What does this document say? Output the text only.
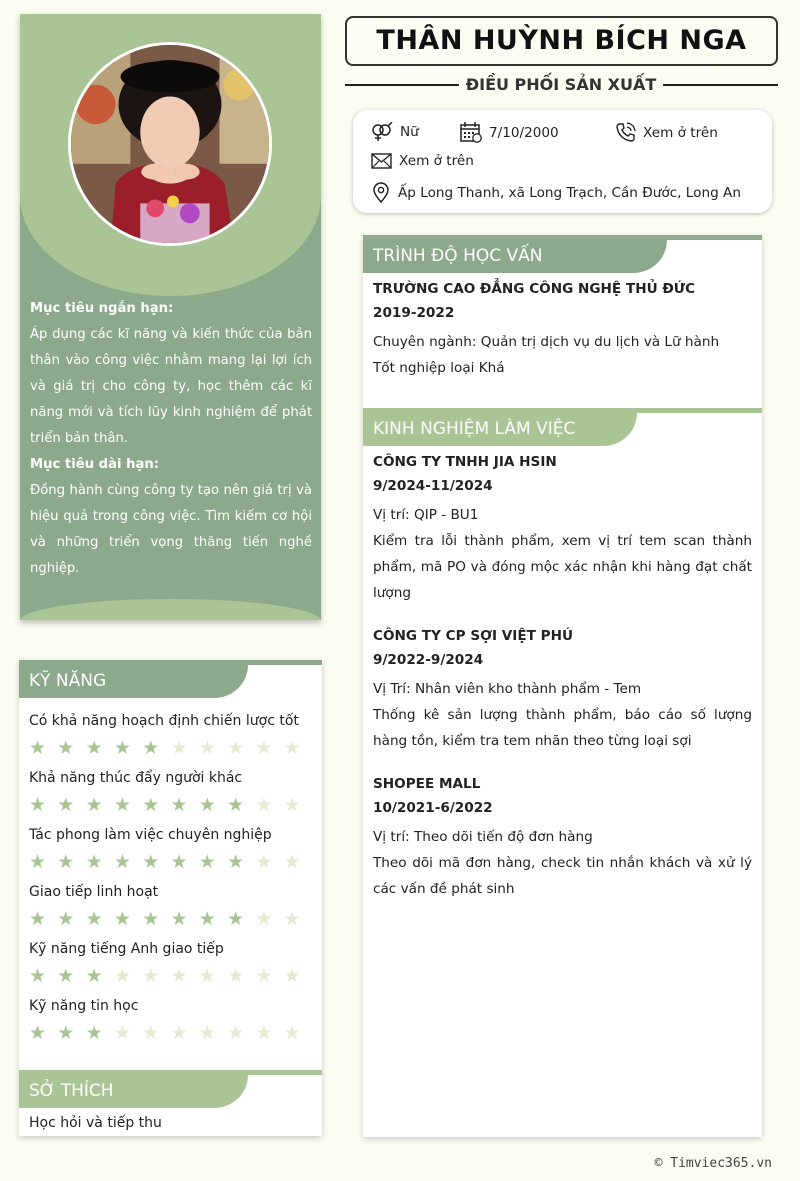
Mục tiêu ngắn hạn:
Áp dụng các kĩ năng và kiến thức của bản thân vào công việc nhằm mang lại lợi ích và giá trị cho công ty, học thêm các kĩ năng mới và tích lũy kinh nghiệm để phát triển bản thân.
Mục tiêu dài hạn:
Đồng hành cùng công ty tạo nên giá trị và hiệu quả trong công việc. Tìm kiếm cơ hội và những triển vọng thăng tiến nghề nghiệp.
KỸ NĂNG
Có khả năng hoạch định chiến lược tốt
★ ★ ★ ★ ★ ★ ★ ★ ★ ★
Khả năng thúc đẩy người khác
★ ★ ★ ★ ★ ★ ★ ★ ★ ★
Tác phong làm việc chuyên nghiệp
★ ★ ★ ★ ★ ★ ★ ★ ★ ★
Giao tiếp linh hoạt
★ ★ ★ ★ ★ ★ ★ ★ ★ ★
Kỹ năng tiếng Anh giao tiếp
★ ★ ★ ★ ★ ★ ★ ★ ★ ★
Kỹ năng tin học
★ ★ ★ ★ ★ ★ ★ ★ ★ ★
SỞ THÍCH
Học hỏi và tiếp thu
THÂN HUỲNH BÍCH NGA
ĐIỀU PHỐI SẢN XUẤT
Nữ	7/10/2000	Xem ở trên
Xem ở trên
Ấp Long Thanh, xã Long Trạch, Cần Đước, Long An
TRÌNH ĐỘ HỌC VẤN
TRƯỜNG CAO ĐẲNG CÔNG NGHỆ THỦ ĐỨC
2019-2022
Chuyên ngành: Quản trị dịch vụ du lịch và Lữ hành
Tốt nghiệp loại Khá
KINH NGHIỆM LÀM VIỆC
CÔNG TY TNHH JIA HSIN
9/2024-11/2024
Vị trí: QIP - BU1
Kiểm tra lỗi thành phẩm, xem vị trí tem scan thành phẩm, mã PO và đóng mộc xác nhận khi hàng đạt chất lượng
CÔNG TY CP SỢI VIỆT PHÚ
9/2022-9/2024
Vị Trí: Nhân viên kho thành phẩm - Tem
Thống kê sản lượng thành phẩm, báo cáo số lượng hàng tồn, kiểm tra tem nhãn theo từng loại sợi
SHOPEE MALL
10/2021-6/2022
Vị trí: Theo dõi tiến độ đơn hàng
Theo dõi mã đơn hàng, check tin nhắn khách và xử lý các vấn đề phát sinh
© Timviec365.vn
